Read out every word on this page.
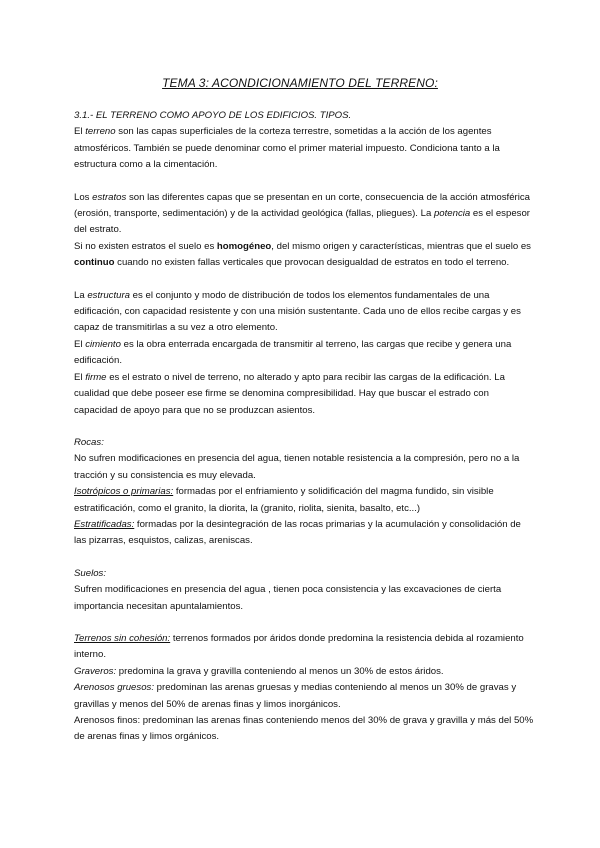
TEMA 3: ACONDICIONAMIENTO DEL TERRENO:

3.1.- EL TERRENO COMO APOYO DE LOS EDIFICIOS. TIPOS.

El terreno son las capas superficiales de la corteza terrestre, sometidas a la acción de los agentes atmosféricos. También se puede denominar como el primer material impuesto. Condiciona tanto a la estructura como a la cimentación.

Los estratos son las diferentes capas que se presentan en un corte, consecuencia de la acción atmosférica (erosión, transporte, sedimentación) y de la actividad geológica (fallas, pliegues). La potencia es el espesor del estrato.

Si no existen estratos el suelo es homogéneo, del mismo origen y características, mientras que el suelo es continuo cuando no existen fallas verticales que provocan desigualdad de estratos en todo el terreno.

La estructura es el conjunto y modo de distribución de todos los elementos fundamentales de una edificación, con capacidad resistente y con una misión sustentante. Cada uno de ellos recibe cargas y es capaz de transmitirlas a su vez a otro elemento.

El cimiento es la obra enterrada encargada de transmitir al terreno, las cargas que recibe y genera una edificación.

El firme es el estrato o nivel de terreno, no alterado y apto para recibir las cargas de la edificación. La cualidad que debe poseer ese firme se denomina compresibilidad. Hay que buscar el estrado con capacidad de apoyo para que no se produzcan asientos.

Rocas:

No sufren modificaciones en presencia del agua, tienen notable resistencia a la compresión, pero no a la tracción y su consistencia es muy elevada.

Isotrópicos o primarias: formadas por el enfriamiento y solidificación del magma fundido, sin visible estratificación, como el granito, la diorita, la (granito, riolita, sienita, basalto, etc...)

Estratificadas: formadas por la desintegración de las rocas primarias y la acumulación y consolidación de las pizarras, esquistos, calizas, areniscas.

Suelos:

Sufren modificaciones en presencia del agua , tienen poca consistencia y las excavaciones de cierta importancia necesitan apuntalamientos.

Terrenos sin cohesión: terrenos formados por áridos donde predomina la resistencia debida al rozamiento interno.

Graveros: predomina la grava y gravilla conteniendo al menos un 30% de estos áridos.

Arenosos gruesos: predominan las arenas gruesas y medias conteniendo al menos un 30% de gravas y gravillas y menos del 50% de arenas finas y limos inorgánicos.

Arenosos finos: predominan las arenas finas conteniendo menos del 30% de grava y gravilla y más del 50% de arenas finas y limos orgánicos.
